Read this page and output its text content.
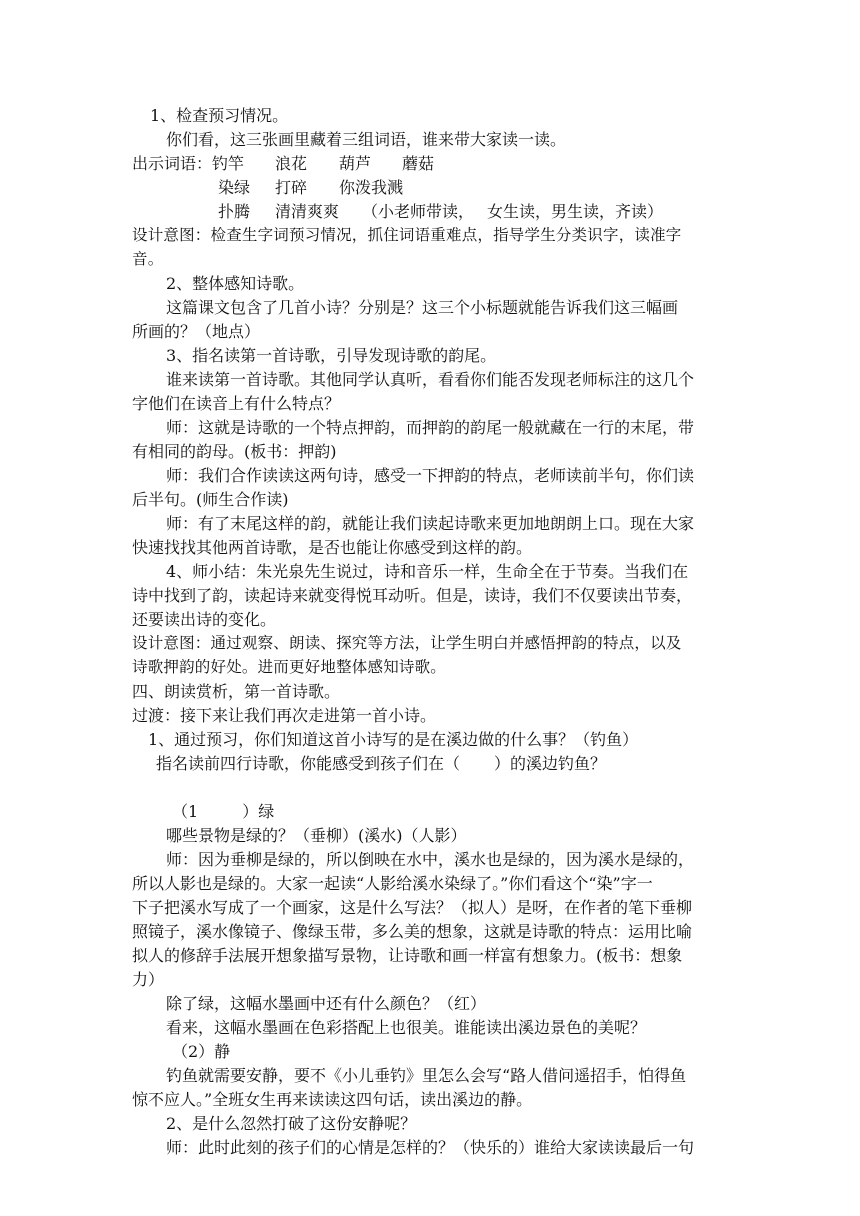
1、检查预习情况。
你们看，这三张画里藏着三组词语，谁来带大家读一读。
出示词语：钓竿 浪花 葫芦 蘑菇
染绿 打碎 你泼我溅
扑腾 清清爽爽 （小老师带读， 女生读，男生读，齐读）
设计意图：检查生字词预习情况，抓住词语重难点，指导学生分类识字，读准字
音。
2、整体感知诗歌。
这篇课文包含了几首小诗？分别是？这三个小标题就能告诉我们这三幅画
所画的？（地点）
3、指名读第一首诗歌，引导发现诗歌的韵尾。
谁来读第一首诗歌。其他同学认真听，看看你们能否发现老师标注的这几个
字他们在读音上有什么特点？
师：这就是诗歌的一个特点押韵，而押韵的韵尾一般就藏在一行的末尾，带
有相同的韵母。(板书：押韵)
师：我们合作读读这两句诗，感受一下押韵的特点，老师读前半句，你们读
后半句。(师生合作读)
师：有了末尾这样的韵，就能让我们读起诗歌来更加地朗朗上口。现在大家
快速找找其他两首诗歌，是否也能让你感受到这样的韵。
4、师小结：朱光泉先生说过，诗和音乐一样，生命全在于节奏。当我们在
诗中找到了韵，读起诗来就变得悦耳动听。但是，读诗，我们不仅要读出节奏，
还要读出诗的变化。
设计意图：通过观察、朗读、探究等方法，让学生明白并感悟押韵的特点，以及
诗歌押韵的好处。进而更好地整体感知诗歌。
四、朗读赏析，第一首诗歌。
过渡：接下来让我们再次走进第一首小诗。
1、通过预习，你们知道这首小诗写的是在溪边做的什么事？（钓鱼）
指名读前四行诗歌，你能感受到孩子们在（ ）的溪边钓鱼？
（1	）绿
哪些景物是绿的？（垂柳）(溪水)（人影）
师：因为垂柳是绿的，所以倒映在水中，溪水也是绿的，因为溪水是绿的，
所以人影也是绿的。大家一起读“人影给溪水染绿了。”你们看这个“染”字一
下子把溪水写成了一个画家，这是什么写法？（拟人）是呀，在作者的笔下垂柳
照镜子，溪水像镜子、像绿玉带，多么美的想象，这就是诗歌的特点：运用比喻
拟人的修辞手法展开想象描写景物，让诗歌和画一样富有想象力。(板书：想象
力）
除了绿，这幅水墨画中还有什么颜色？（红）
看来，这幅水墨画在色彩搭配上也很美。谁能读出溪边景色的美呢？
（2）静
钓鱼就需要安静，要不《小儿垂钓》里怎么会写“路人借问遥招手，怕得鱼
惊不应人。”全班女生再来读读这四句话，读出溪边的静。
2、是什么忽然打破了这份安静呢？
师：此时此刻的孩子们的心情是怎样的？（快乐的）谁给大家读读最后一句
